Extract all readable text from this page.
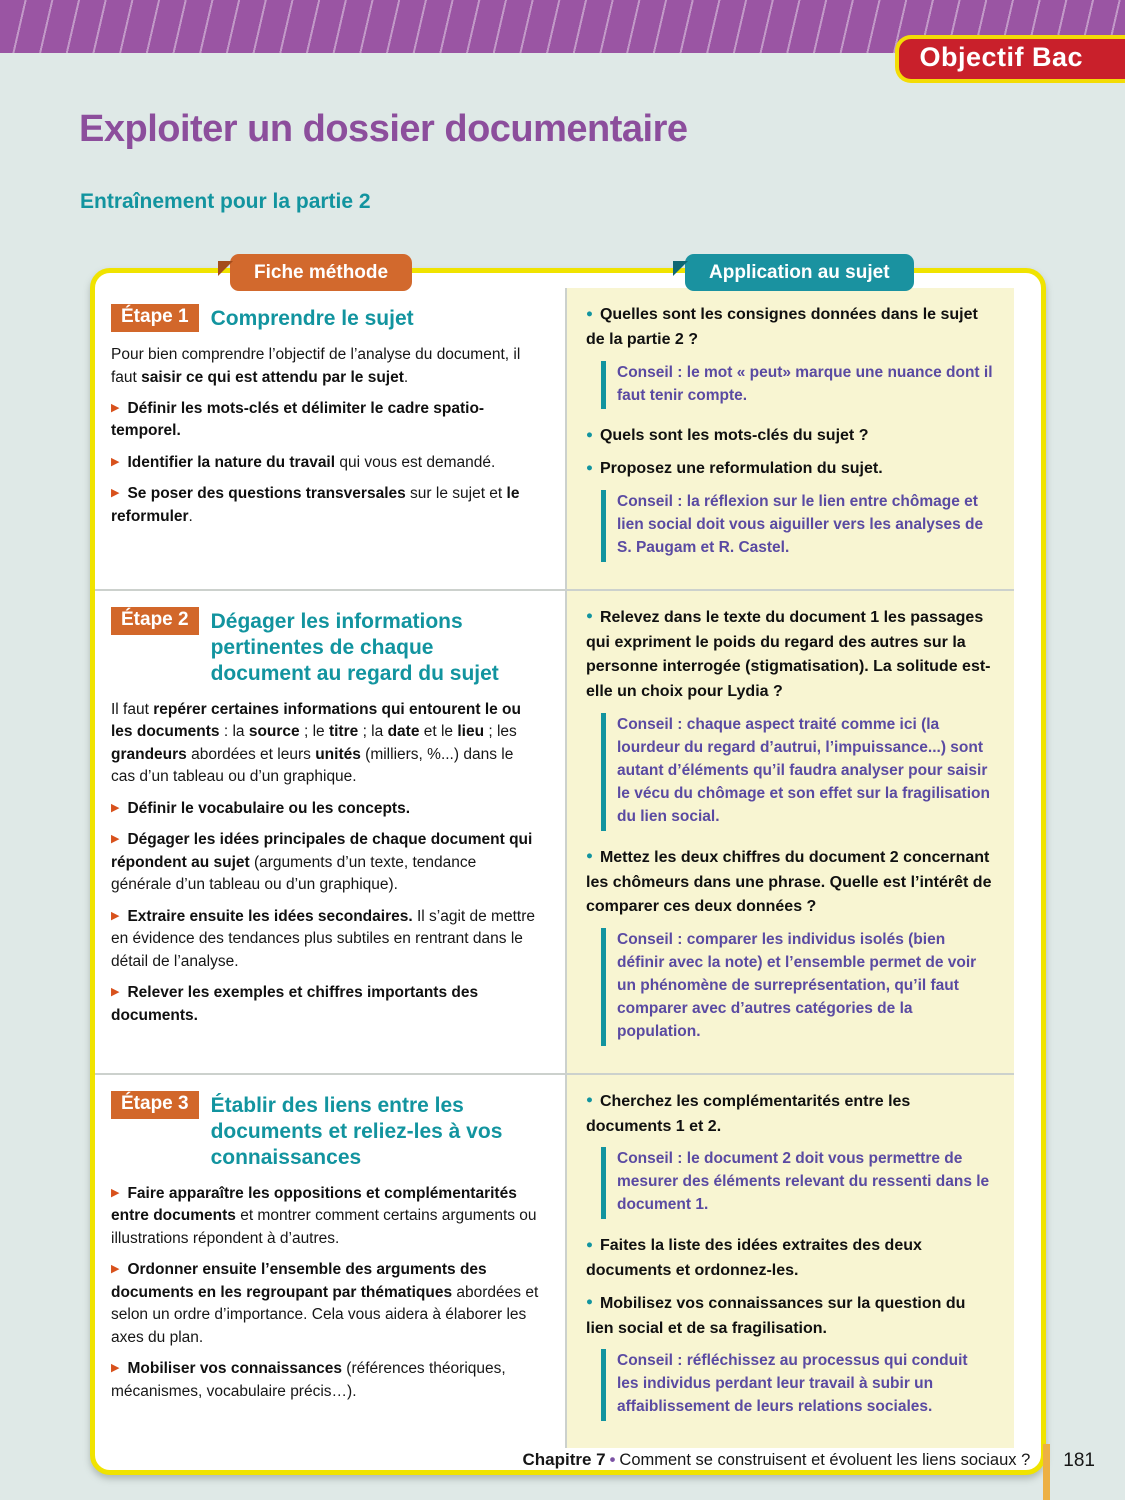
Objectif Bac
Exploiter un dossier documentaire
Entraînement pour la partie 2
Fiche méthode	Application au sujet
Étape 1	Comprendre le sujet

Pour bien comprendre l’objectif de l’analyse du document, il faut saisir ce qui est attendu par le sujet.

▶ Définir les mots-clés et délimiter le cadre spatio-temporel.

▶ Identifier la nature du travail qui vous est demandé.

▶ Se poser des questions transversales sur le sujet et le reformuler.

● Quelles sont les consignes données dans le sujet de la partie 2 ?

Conseil : le mot « peut» marque une nuance dont il faut tenir compte.

● Quels sont les mots-clés du sujet ?

● Proposez une reformulation du sujet.

Conseil : la réflexion sur le lien entre chômage et lien social doit vous aiguiller vers les analyses de S. Paugam et R. Castel.
Étape 2	Dégager les informations pertinentes de chaque document au regard du sujet

Il faut repérer certaines informations qui entourent le ou les documents : la source ; le titre ; la date et le lieu ; les grandeurs abordées et leurs unités (milliers, %...) dans le cas d’un tableau ou d’un graphique.

▶ Définir le vocabulaire ou les concepts.

▶ Dégager les idées principales de chaque document qui répondent au sujet (arguments d’un texte, tendance générale d’un tableau ou d’un graphique).

▶ Extraire ensuite les idées secondaires. Il s’agit de mettre en évidence des tendances plus subtiles en rentrant dans le détail de l’analyse.

▶ Relever les exemples et chiffres importants des documents.

● Relevez dans le texte du document 1 les passages qui expriment le poids du regard des autres sur la personne interrogée (stigmatisation). La solitude est-elle un choix pour Lydia ?

Conseil : chaque aspect traité comme ici (la lourdeur du regard d’autrui, l’impuissance...) sont autant d’éléments qu’il faudra analyser pour saisir le vécu du chômage et son effet sur la fragilisation du lien social.

● Mettez les deux chiffres du document 2 concernant les chômeurs dans une phrase. Quelle est l’intérêt de comparer ces deux données ?

Conseil : comparer les individus isolés (bien définir avec la note) et l’ensemble permet de voir un phénomène de surreprésentation, qu’il faut comparer avec d’autres catégories de la population.
Étape 3	Établir des liens entre les documents et reliez-les à vos connaissances

▶ Faire apparaître les oppositions et complémentarités entre documents et montrer comment certains arguments ou illustrations répondent à d’autres.

▶ Ordonner ensuite l’ensemble des arguments des documents en les regroupant par thématiques abordées et selon un ordre d’importance. Cela vous aidera à élaborer les axes du plan.

▶ Mobiliser vos connaissances (références théoriques, mécanismes, vocabulaire précis…).

● Cherchez les complémentarités entre les documents 1 et 2.

Conseil : le document 2 doit vous permettre de mesurer des éléments relevant du ressenti dans le document 1.

● Faites la liste des idées extraites des deux documents et ordonnez-les.

● Mobilisez vos connaissances sur la question du lien social et de sa fragilisation.

Conseil : réfléchissez au processus qui conduit les individus perdant leur travail à subir un affaiblissement de leurs relations sociales.
Chapitre 7 • Comment se construisent et évoluent les liens sociaux ? 181
